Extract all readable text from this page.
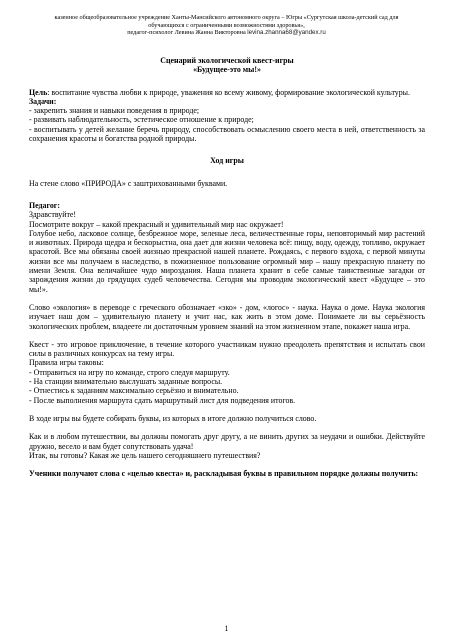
казенное общеобразовательное учреждение Ханты-Мансийского автономного округа – Югры «Сургутская школа-детский сад для
обучающихся с ограниченными возможностями здоровья»,
педагог-психолог Левина Жанна Викторовна levina.zhanna68@yandex.ru

Сценарий экологической квест-игры

«Будущее-это мы!»

Цель: воспитание чувства любви к природе, уважения ко всему живому, формирование экологической культуры.

Задачи:

- закрепить знания и навыки поведения в природе;
- развивать наблюдательность, эстетическое отношение к природе;
- воспитывать у детей желание беречь природу, способствовать осмыслению своего места в ней, ответственность за сохранения красоты и богатства родной природы.

Ход игры

На стене слово «ПРИРОДА» с заштрихованными буквами.

Педагог:

Здравствуйте!

Посмотрите вокруг – какой прекрасный и удивительный мир нас окружает!

Голубое небо, ласковое солнце, безбрежное море, зеленые леса, величественные горы, неповторимый мир растений и животных. Природа щедра и бескорыстна, она дает для жизни человека всё: пищу, воду, одежду, топливо, окружает красотой. Все мы обязаны своей жизнью прекрасной нашей планете. Рождаясь, с первого вздоха, с первой минуты жизни все мы получаем в наследство, в пожизненное пользование огромный мир – нашу прекрасную планету по имени Земля. Она величайшее чудо мироздания. Наша планета хранит в себе самые таинственные загадки от зарождения жизни до грядущих судеб человечества. Сегодня мы проводим экологический квест «Будущее – это мы!».

Слово «экология» в переводе с греческого обозначает «эко» - дом, «логос» - наука. Наука о доме. Наука экология изучает наш дом – удивительную планету и учит нас, как жить в этом доме. Понимаете ли вы серьёзность экологических проблем, владеете ли достаточным уровнем знаний на этом жизненном этапе, покажет наша игра.

Квест - это игровое приключение, в течение которого участникам нужно преодолеть препятствия и испытать свои силы в различных конкурсах на тему игры.

Правила игры таковы:

- Отправиться на игру по команде, строго следуя маршруту.
- На станции внимательно выслушать заданные вопросы.
- Отнестись к заданиям максимально серьёзно и внимательно.
- После выполнения маршрута сдать маршрутный лист для подведения итогов.

В ходе игры вы будете собирать буквы, из которых в итоге должно получиться слово.

Как и в любом путешествии, вы должны помогать друг другу, а не винить других за неудачи и ошибки. Действуйте дружно, весело и вам будет сопутствовать удача!

Итак, вы готовы? Какая же цель нашего сегодняшнего путешествия?

Ученики получают слова с «целью квеста» и, раскладывая буквы в правильном порядке должны получить:

1
